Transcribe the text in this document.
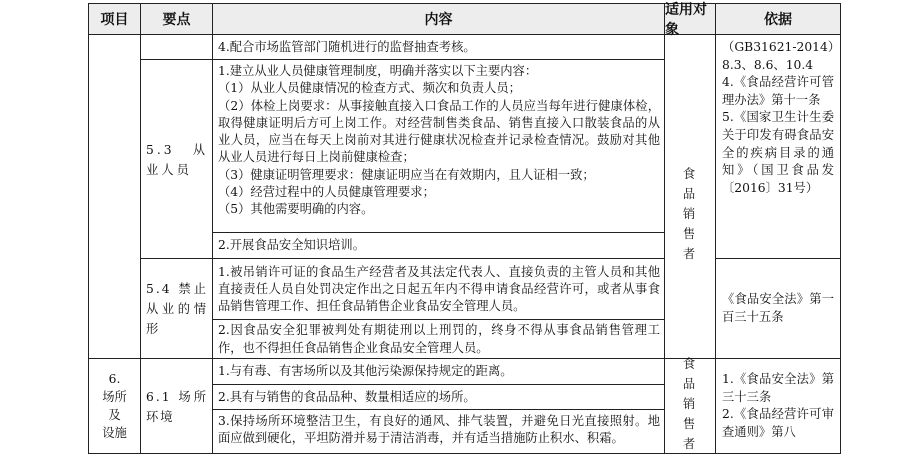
项目	要点	内容
适用对象
依据
4.配合市场监管部门随机进行的监督抽查考核。
5.3 从业人员

1.建立从业人员健康管理制度，明确并落实以下主要内容：

（1）从业人员健康情况的检查方式、频次和负责人员；

（2）体检上岗要求：从事接触直接入口食品工作的人员应当每年进行健康体检，取得健康证明后方可上岗工作。对经营制售类食品、销售直接入口散装食品的从业人员，应当在每天上岗前对其进行健康状况检查并记录检查情况。鼓励对其他从业人员进行每日上岗前健康检查；

（3）健康证明管理要求：健康证明应当在有效期内，且人证相一致；

（4）经营过程中的人员健康管理要求；

（5）其他需要明确的内容。

2.开展食品安全知识培训。
5.4 禁止从业的情形
1.被吊销许可证的食品生产经营者及其法定代表人、直接负责的主管人员和其他直接责任人员自处罚决定作出之日起五年内不得申请食品经营许可，或者从事食品销售管理工作、担任食品销售企业食品安全管理人员。
2.因食品安全犯罪被判处有期徒刑以上刑罚的，终身不得从事食品销售管理工作，也不得担任食品销售企业食品安全管理人员。
食品销售者

（GB31621-2014）8.3、8.6、10.4

4.《食品经营许可管理办法》第十一条

5.《国家卫生计生委关于印发有碍食品安全的疾病目录的通知》（国卫食品发〔2016〕31号）

《食品安全法》第一百三十五条
6.
场所
及
设施
6.1 场所环境
1.与有毒、有害场所以及其他污染源保持规定的距离。
2.具有与销售的食品品种、数量相适应的场所。
3.保持场所环境整洁卫生，有良好的通风、排气装置，并避免日光直接照射。地面应做到硬化，平坦防滑并易于清洁消毒，并有适当措施防止积水、积霜。
食品销售者

1.《食品安全法》第三十三条

2.《食品经营许可审查通则》第八
